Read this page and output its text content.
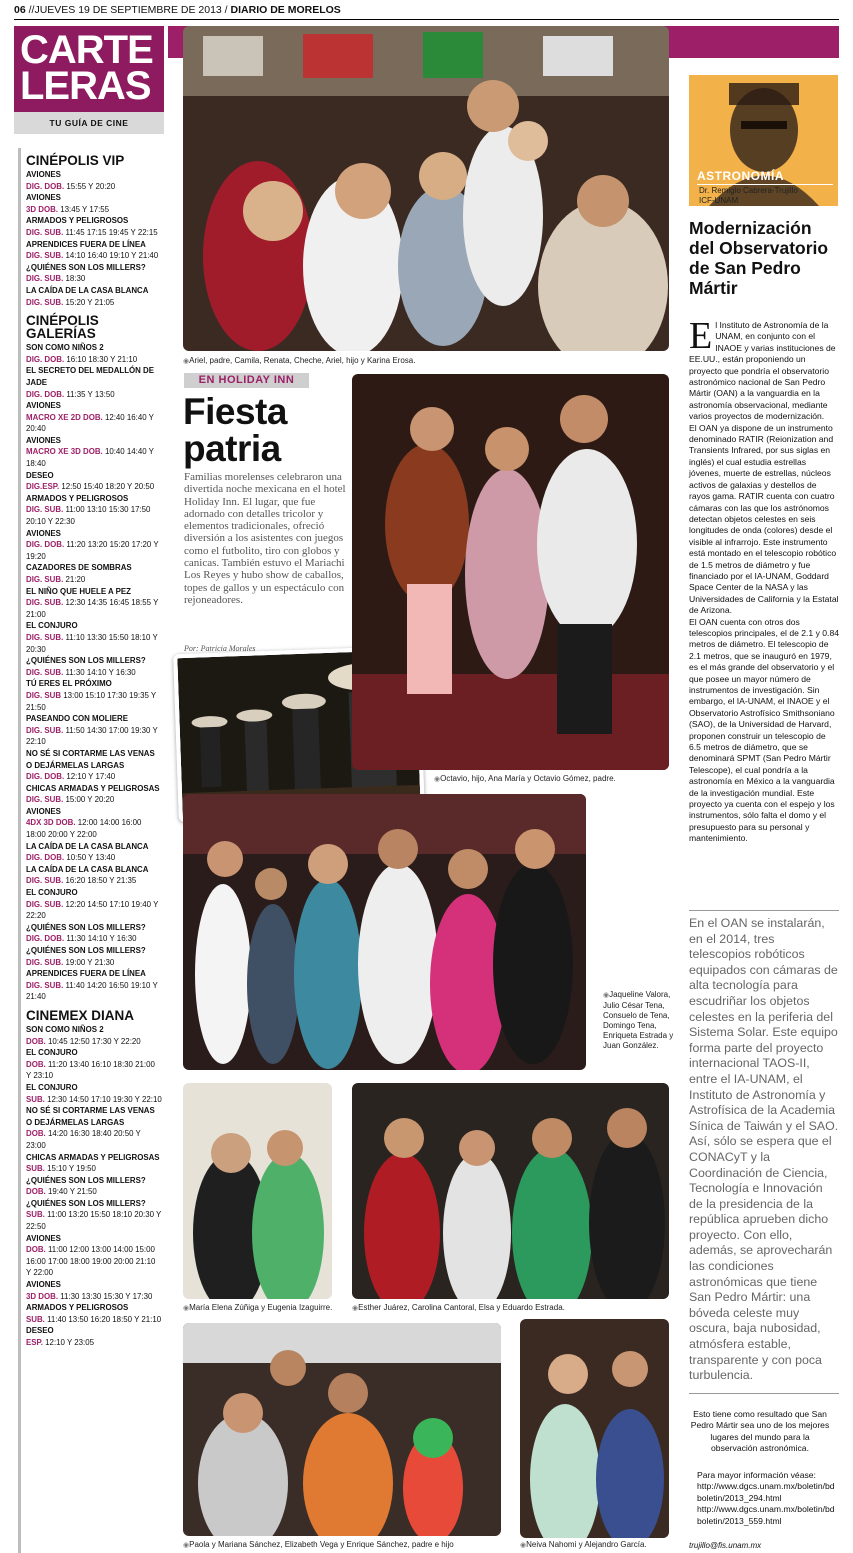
06 //JUEVES 19 DE SEPTIEMBRE DE 2013 / DIARIO DE MORELOS
CARTE
LERAS
TU GUÍA DE CINE
CINÉPOLIS VIP
AVIONES
DIG. DOB. 15:55 Y 20:20
AVIONES
3D DOB. 13:45 Y 17:55
ARMADOS Y PELIGROSOS
DIG. SUB. 11:45 17:15 19:45 Y 22:15
APRENDICES FUERA DE LÍNEA
DIG. SUB. 14:10 16:40 19:10 Y 21:40
¿QUIÉNES SON LOS MILLERS?
DIG. SUB. 18:30
LA CAÍDA DE LA CASA BLANCA
DIG. SUB. 15:20 Y 21:05
CINÉPOLIS GALERÍAS
SON COMO NIÑOS 2
DIG. DOB. 16:10 18:30 Y 21:10
EL SECRETO DEL MEDALLÓN DE JADE
DIG. DOB. 11:35 Y 13:50
AVIONES
MACRO XE 2D DOB. 12:40 16:40 Y 20:40
AVIONES
MACRO XE 3D DOB. 10:40 14:40 Y 18:40
DESEO
DIG.ESP. 12:50 15:40 18:20 Y 20:50
ARMADOS Y PELIGROSOS
DIG. SUB. 11:00 13:10 15:30 17:50 20:10 Y 22:30
AVIONES
DIG. DOB. 11:20 13:20 15:20 17:20 Y 19:20
CAZADORES DE SOMBRAS
DIG. SUB. 21:20
EL NIÑO QUE HUELE A PEZ
DIG. SUB. 12:30 14:35 16:45 18:55 Y 21:00
EL CONJURO
DIG. SUB. 11:10 13:30 15:50 18:10 Y 20:30
¿QUIÉNES SON LOS MILLERS?
DIG. SUB. 11:30 14:10 Y 16:30
TÚ ERES EL PRÓXIMO
DIG. SUB 13:00 15:10 17:30 19:35 Y 21:50
PASEANDO CON MOLIERE
DIG. SUB. 11:50 14:30 17:00 19:30 Y 22:10
NO SÉ SI CORTARME LAS VENAS O DEJÁRMELAS LARGAS
DIG. DOB. 12:10 Y 17:40
CHICAS ARMADAS Y PELIGROSAS
DIG. SUB. 15:00 Y 20:20
AVIONES
4DX 3D DOB. 12:00 14:00 16:00 18:00 20:00 Y 22:00
LA CAÍDA DE LA CASA BLANCA
DIG. DOB. 10:50 Y 13:40
LA CAÍDA DE LA CASA BLANCA
DIG. SUB. 16:20 18:50 Y 21:35
EL CONJURO
DIG. SUB. 12:20 14:50 17:10 19:40 Y 22:20
¿QUIÉNES SON LOS MILLERS?
DIG. DOB. 11:30 14:10 Y 16:30
¿QUIÉNES SON LOS MILLERS?
DIG. SUB. 19:00 Y 21:30
APRENDICES FUERA DE LÍNEA
DIG. SUB. 11:40 14:20 16:50 19:10 Y 21:40
CINEMEX DIANA
SON COMO NIÑOS 2
DOB. 10:45 12:50 17:30 Y 22:20
EL CONJURO
DOB. 11:20 13:40 16:10 18:30 21:00 Y 23:10
EL CONJURO
SUB. 12:30 14:50 17:10 19:30 Y 22:10
NO SÉ SI CORTARME LAS VENAS O DEJÁRMELAS LARGAS
DOB. 14:20 16:30 18:40 20:50 Y 23:00
CHICAS ARMADAS Y PELIGROSAS
SUB. 15:10 Y 19:50
¿QUIÉNES SON LOS MILLERS?
DOB. 19:40 Y 21:50
¿QUIÉNES SON LOS MILLERS?
SUB. 11:00 13:20 15:50 18:10 20:30 Y 22:50
AVIONES
DOB. 11:00 12:00 13:00 14:00 15:00 16:00 17:00 18:00 19:00 20:00 21:10 Y 22:00
AVIONES
3D DOB. 11:30 13:30 15:30 Y 17:30
ARMADOS Y PELIGROSOS
SUB. 11:40 13:50 16:20 18:50 Y 21:10
DESEO
ESP. 12:10 Y 23:05
◉Ariel, padre, Camila, Renata, Cheche, Ariel, hijo y Karina Erosa.
EN HOLIDAY INN
Fiesta
patria
Familias morelenses celebraron una divertida noche mexicana en el hotel Holiday Inn. El lugar, que fue adornado con detalles tricolor y elementos tradicionales, ofreció diversión a los asistentes con juegos como el futbolito, tiro con globos y canicas. También estuvo el Mariachi Los Reyes y hubo show de caballos, topes de gallos y un espectáculo con rejoneadores.
Por: Patricia Morales
◉Octavio, hijo, Ana María y Octavio Gómez, padre.
◉Jaqueline Valora, Julio César Tena, Consuelo de Tena, Domingo Tena, Enriqueta Estrada y Juan González.
◉María Elena Zúñiga y Eugenia Izaguirre.	◉Esther Juárez, Carolina Cantoral, Elsa y Eduardo Estrada.
◉Paola y Mariana Sánchez, Elizabeth Vega y Enrique Sánchez, padre e hijo	◉Neiva Nahomi y Alejandro García.
ASTRONOMÍA
Dr. Remigio Cabrera-Trujillo
ICF-UNAM
Modernización del Observatorio de San Pedro Mártir

El Instituto de Astronomía de la UNAM, en conjunto con el INAOE y varias instituciones de EE.UU., están proponiendo un proyecto que pondría el observatorio astronómico nacional de San Pedro Mártir (OAN) a la vanguardia en la astronomía observacional, mediante varios proyectos de modernización.

El OAN ya dispone de un instrumento denominado RATIR (Reionization and Transients Infrared, por sus siglas en inglés) el cual estudia estrellas jóvenes, muerte de estrellas, núcleos activos de galaxias y destellos de rayos gama. RATIR cuenta con cuatro cámaras con las que los astrónomos detectan objetos celestes en seis longitudes de onda (colores) desde el visible al infrarrojo. Este instrumento está montado en el telescopio robótico de 1.5 metros de diámetro y fue financiado por el IA-UNAM, Goddard Space Center de la NASA y las Universidades de California y la Estatal de Arizona.

El OAN cuenta con otros dos telescopios principales, el de 2.1 y 0.84 metros de diámetro. El telescopio de 2.1 metros, que se inauguró en 1979, es el más grande del observatorio y el que posee un mayor número de instrumentos de investigación. Sin embargo, el IA-UNAM, el INAOE y el Observatorio Astrofísico Smithsoniano (SAO), de la Universidad de Harvard, proponen construir un telescopio de 6.5 metros de diámetro, que se denominará SPMT (San Pedro Mártir Telescope), el cual pondría a la astronomía en México a la vanguardia de la investigación mundial. Este proyecto ya cuenta con el espejo y los instrumentos, sólo falta el domo y el presupuesto para su personal y mantenimiento.

En el OAN se instalarán, en el 2014, tres telescopios robóticos equipados con cámaras de alta tecnología para escudriñar los objetos celestes en la periferia del Sistema Solar. Este equipo forma parte del proyecto internacional TAOS-II, entre el IA-UNAM, el Instituto de Astronomía y Astrofísica de la Academia Sínica de Taiwán y el SAO. Así, sólo se espera que el CONACyT y la Coordinación de Ciencia, Tecnología e Innovación de la presidencia de la república aprueben dicho proyecto. Con ello, además, se aprovecharán las condiciones astronómicas que tiene San Pedro Mártir: una bóveda celeste muy oscura, baja nubosidad, atmósfera estable, transparente y con poca turbulencia.
Esto tiene como resultado que San Pedro Mártir sea uno de los mejores lugares del mundo para la observación astronómica.
Para mayor información véase:
http://www.dgcs.unam.mx/boletin/bdboletin/2013_294.html
http://www.dgcs.unam.mx/boletin/bdboletin/2013_559.html
trujillo@fis.unam.mx
